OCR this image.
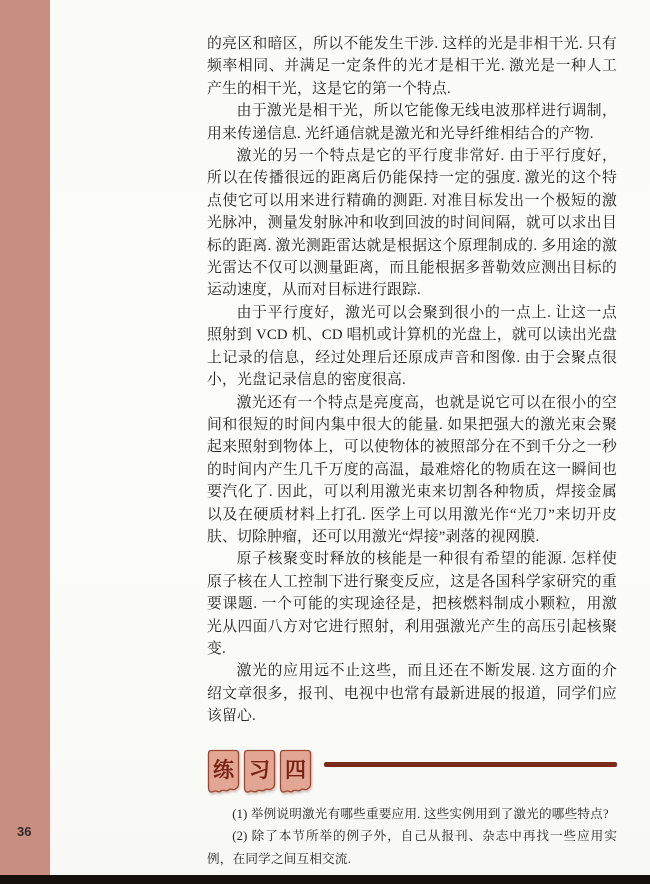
36

的亮区和暗区，所以不能发生干涉. 这样的光是非相干光. 只有频率相同、并满足一定条件的光才是相干光. 激光是一种人工产生的相干光，这是它的第一个特点.

由于激光是相干光，所以它能像无线电波那样进行调制，用来传递信息. 光纤通信就是激光和光导纤维相结合的产物.

激光的另一个特点是它的平行度非常好. 由于平行度好，所以在传播很远的距离后仍能保持一定的强度. 激光的这个特点使它可以用来进行精确的测距. 对准目标发出一个极短的激光脉冲，测量发射脉冲和收到回波的时间间隔，就可以求出目标的距离. 激光测距雷达就是根据这个原理制成的. 多用途的激光雷达不仅可以测量距离，而且能根据多普勒效应测出目标的运动速度，从而对目标进行跟踪.

由于平行度好，激光可以会聚到很小的一点上. 让这一点照射到 VCD 机、CD 唱机或计算机的光盘上，就可以读出光盘上记录的信息，经过处理后还原成声音和图像. 由于会聚点很小，光盘记录信息的密度很高.

激光还有一个特点是亮度高，也就是说它可以在很小的空间和很短的时间内集中很大的能量. 如果把强大的激光束会聚起来照射到物体上，可以使物体的被照部分在不到千分之一秒的时间内产生几千万度的高温，最难熔化的物质在这一瞬间也要汽化了. 因此，可以利用激光束来切割各种物质，焊接金属以及在硬质材料上打孔. 医学上可以用激光作“光刀”来切开皮肤、切除肿瘤，还可以用激光“焊接”剥落的视网膜.

原子核聚变时释放的核能是一种很有希望的能源. 怎样使原子核在人工控制下进行聚变反应，这是各国科学家研究的重要课题. 一个可能的实现途径是，把核燃料制成小颗粒，用激光从四面八方对它进行照射，利用强激光产生的高压引起核聚变.

激光的应用远不止这些，而且还在不断发展. 这方面的介绍文章很多，报刊、电视中也常有最新进展的报道，同学们应该留心.

练 习 四

(1) 举例说明激光有哪些重要应用. 这些实例用到了激光的哪些特点?

(2) 除了本节所举的例子外，自己从报刊、杂志中再找一些应用实例，在同学之间互相交流.
